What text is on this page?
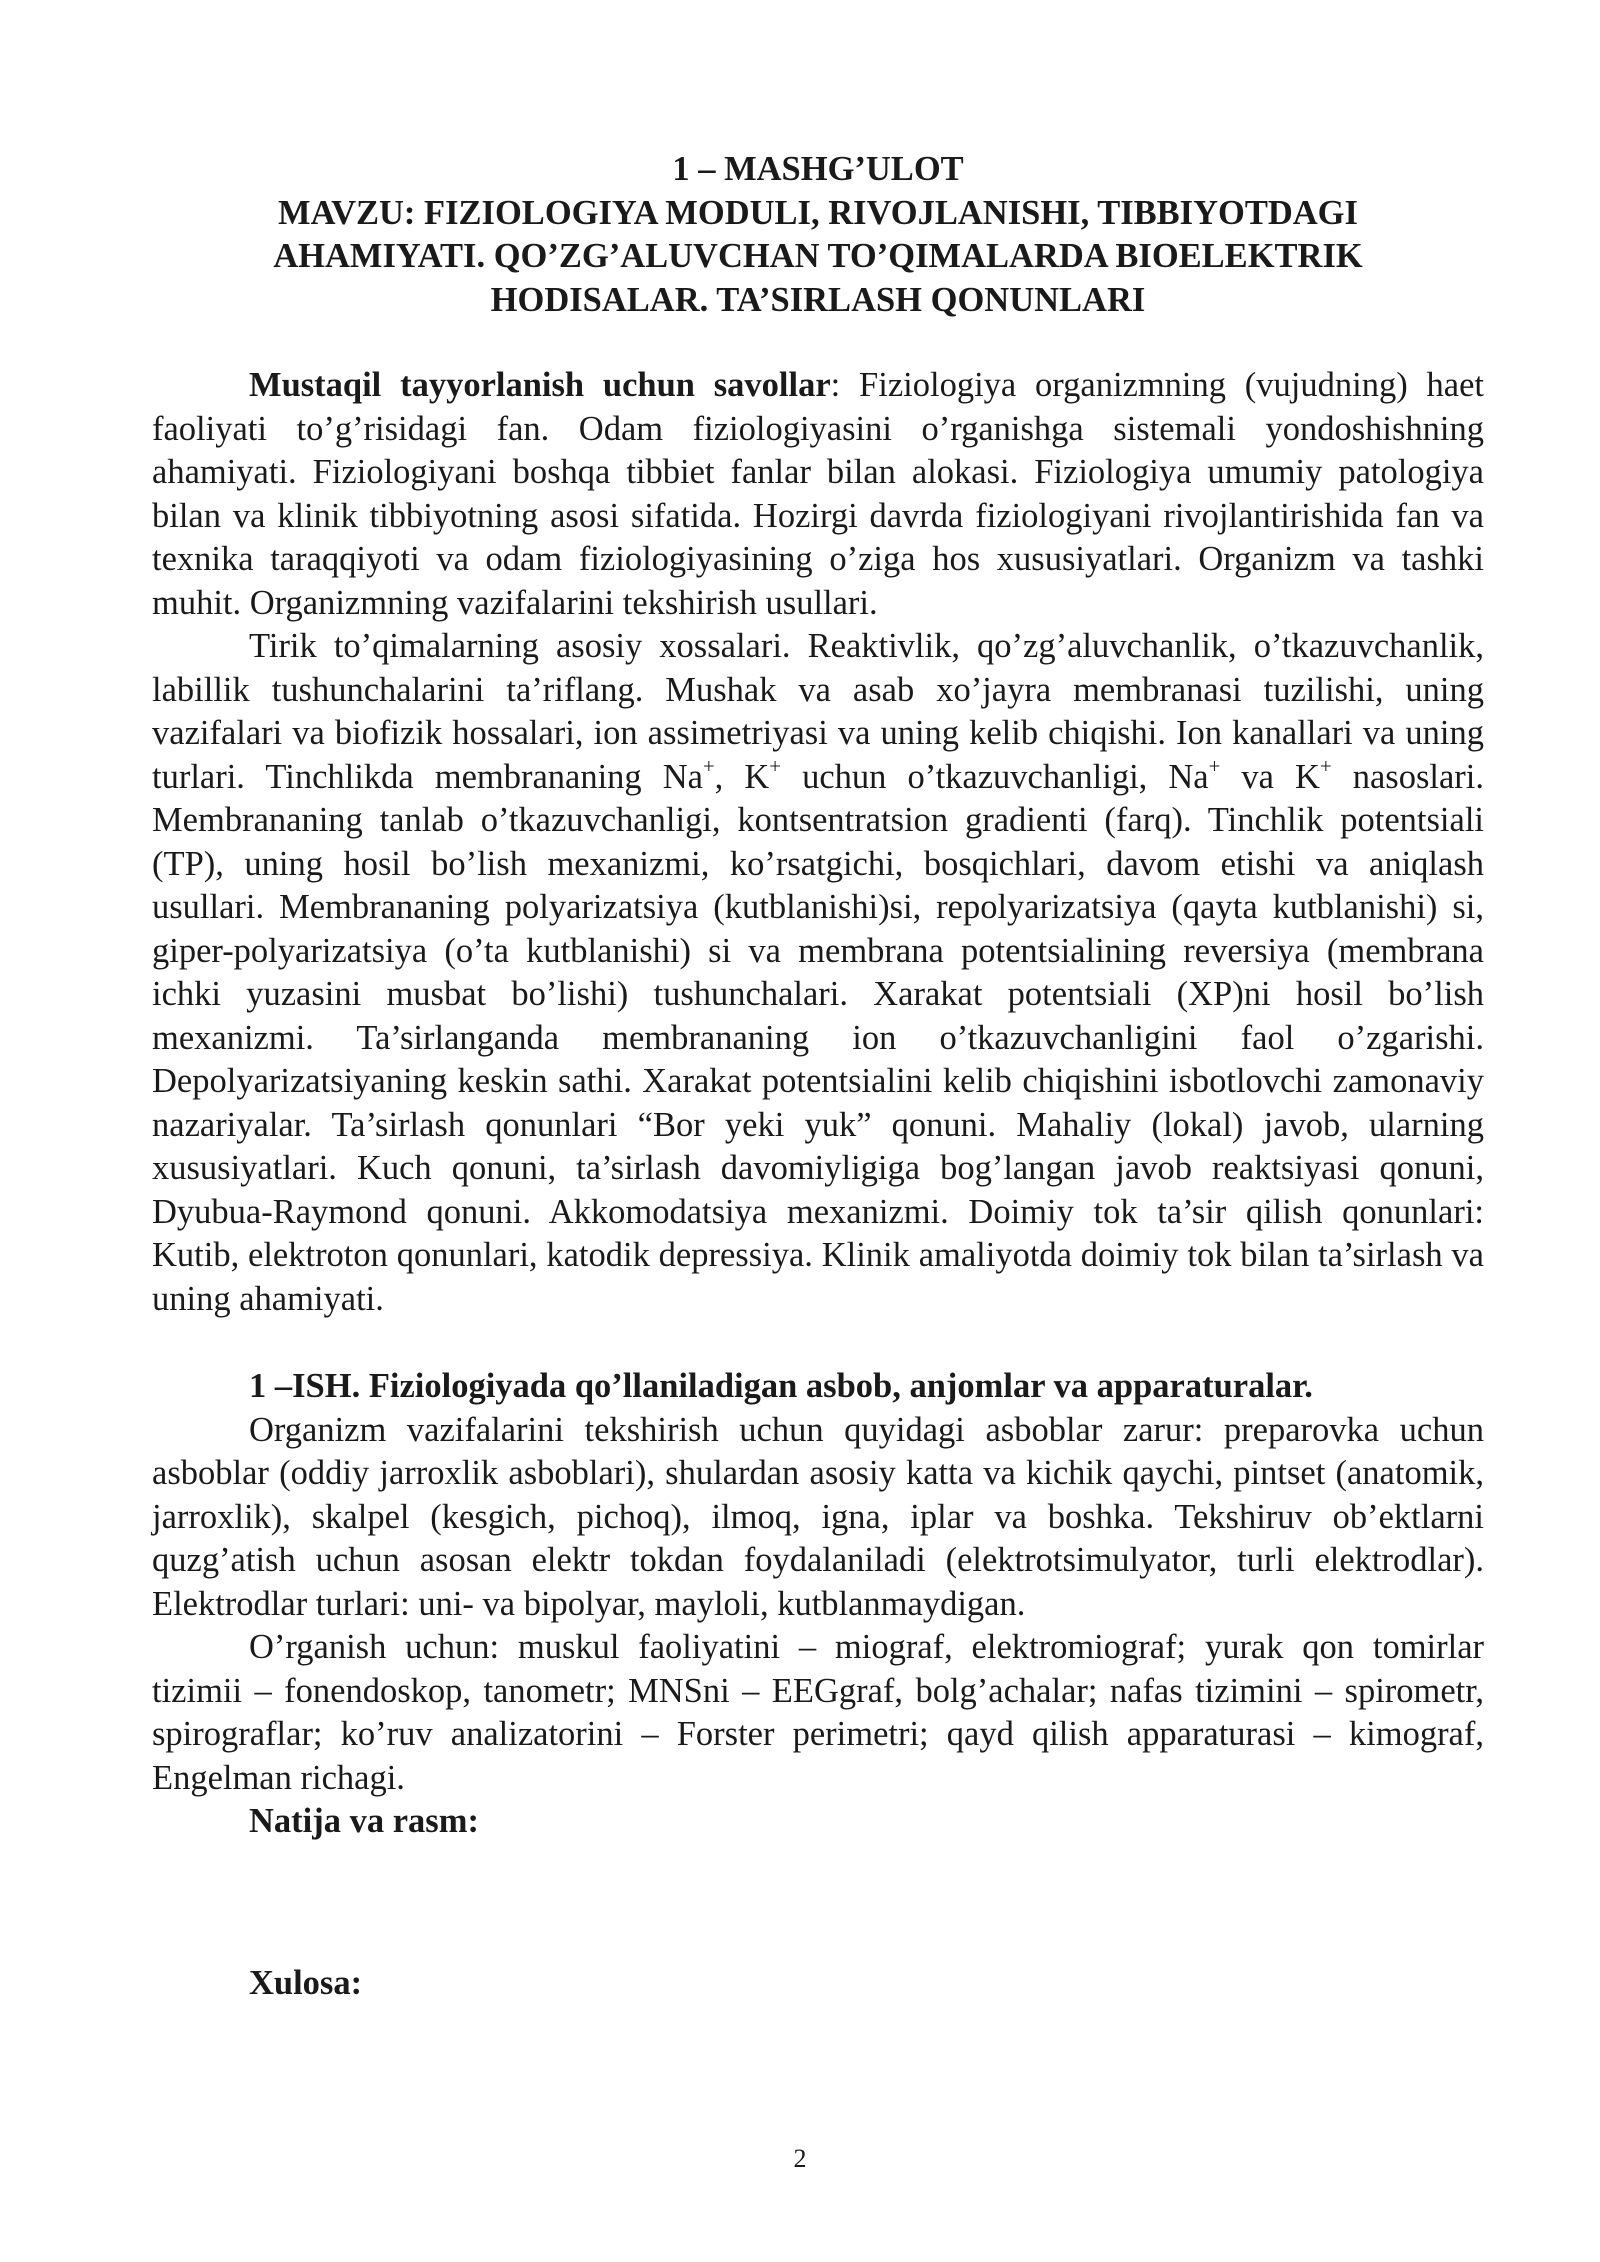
1 – MASHG’ULOT
MAVZU: FIZIOLOGIYA MODULI, RIVOJLANISHI, TIBBIYOTDAGI
AHAMIYATI. QO’ZG’ALUVCHAN TO’QIMALARDA BIOELEKTRIK
HODISALAR. TA’SIRLASH QONUNLARI

Mustaqil tayyorlanish uchun savollar: Fiziologiya organizmning (vujudning) haet faoliyati to’g’risidagi fan. Odam fiziologiyasini o’rganishga sistemali yondoshishning ahamiyati. Fiziologiyani boshqa tibbiet fanlar bilan alokasi. Fiziologiya umumiy patologiya bilan va klinik tibbiyotning asosi sifatida. Hozirgi davrda fiziologiyani rivojlantirishida fan va texnika taraqqiyoti va odam fiziologiyasining o’ziga hos xususiyatlari. Organizm va tashki muhit. Organizmning vazifalarini tekshirish usullari.

Tirik to’qimalarning asosiy xossalari. Reaktivlik, qo’zg’aluvchanlik, o’tkazuvchanlik, labillik tushunchalarini ta’riflang. Mushak va asab xo’jayra membranasi tuzilishi, uning vazifalari va biofizik hossalari, ion assimetriyasi va uning kelib chiqishi. Ion kanallari va uning turlari. Tinchlikda membrananing Na+, K+ uchun o’tkazuvchanligi, Na+ va K+ nasoslari. Membrananing tanlab o’tkazuvchanligi, kontsentratsion gradienti (farq). Tinchlik potentsiali (TP), uning hosil bo’lish mexanizmi, ko’rsatgichi, bosqichlari, davom etishi va aniqlash usullari. Membrananing polyarizatsiya (kutblanishi)si, repolyarizatsiya (qayta kutblanishi) si, giper-polyarizatsiya (o’ta kutblanishi) si va membrana potentsialining reversiya (membrana ichki yuzasini musbat bo’lishi) tushunchalari. Xarakat potentsiali (XP)ni hosil bo’lish mexanizmi. Ta’sirlanganda membrananing ion o’tkazuvchanligini faol o’zgarishi. Depolyarizatsiyaning keskin sathi. Xarakat potentsialini kelib chiqishini isbotlovchi zamonaviy nazariyalar. Ta’sirlash qonunlari “Bor yeki yuk” qonuni. Mahaliy (lokal) javob, ularning xususiyatlari. Kuch qonuni, ta’sirlash davomiyligiga bog’langan javob reaktsiyasi qonuni, Dyubua-Raymond qonuni. Akkomodatsiya mexanizmi. Doimiy tok ta’sir qilish qonunlari: Kutib, elektroton qonunlari, katodik depressiya. Klinik amaliyotda doimiy tok bilan ta’sirlash va uning ahamiyati.

1 –ISH. Fiziologiyada qo’llaniladigan asbob, anjomlar va apparaturalar.

Organizm vazifalarini tekshirish uchun quyidagi asboblar zarur: preparovka uchun asboblar (oddiy jarroxlik asboblari), shulardan asosiy katta va kichik qaychi, pintset (anatomik, jarroxlik), skalpel (kesgich, pichoq), ilmoq, igna, iplar va boshka. Tekshiruv ob’ektlarni quzg’atish uchun asosan elektr tokdan foydalaniladi (elektrotsimulyator, turli elektrodlar). Elektrodlar turlari: uni- va bipolyar, mayloli, kutblanmaydigan.

O’rganish uchun: muskul faoliyatini – miograf, elektromiograf; yurak qon tomirlar tizimii – fonendoskop, tanometr; MNSni – EEGgraf, bolg’achalar; nafas tizimini – spirometr, spirograflar; ko’ruv analizatorini – Forster perimetri; qayd qilish apparaturasi – kimograf, Engelman richagi.

Natija va rasm:

Xulosa:

2
